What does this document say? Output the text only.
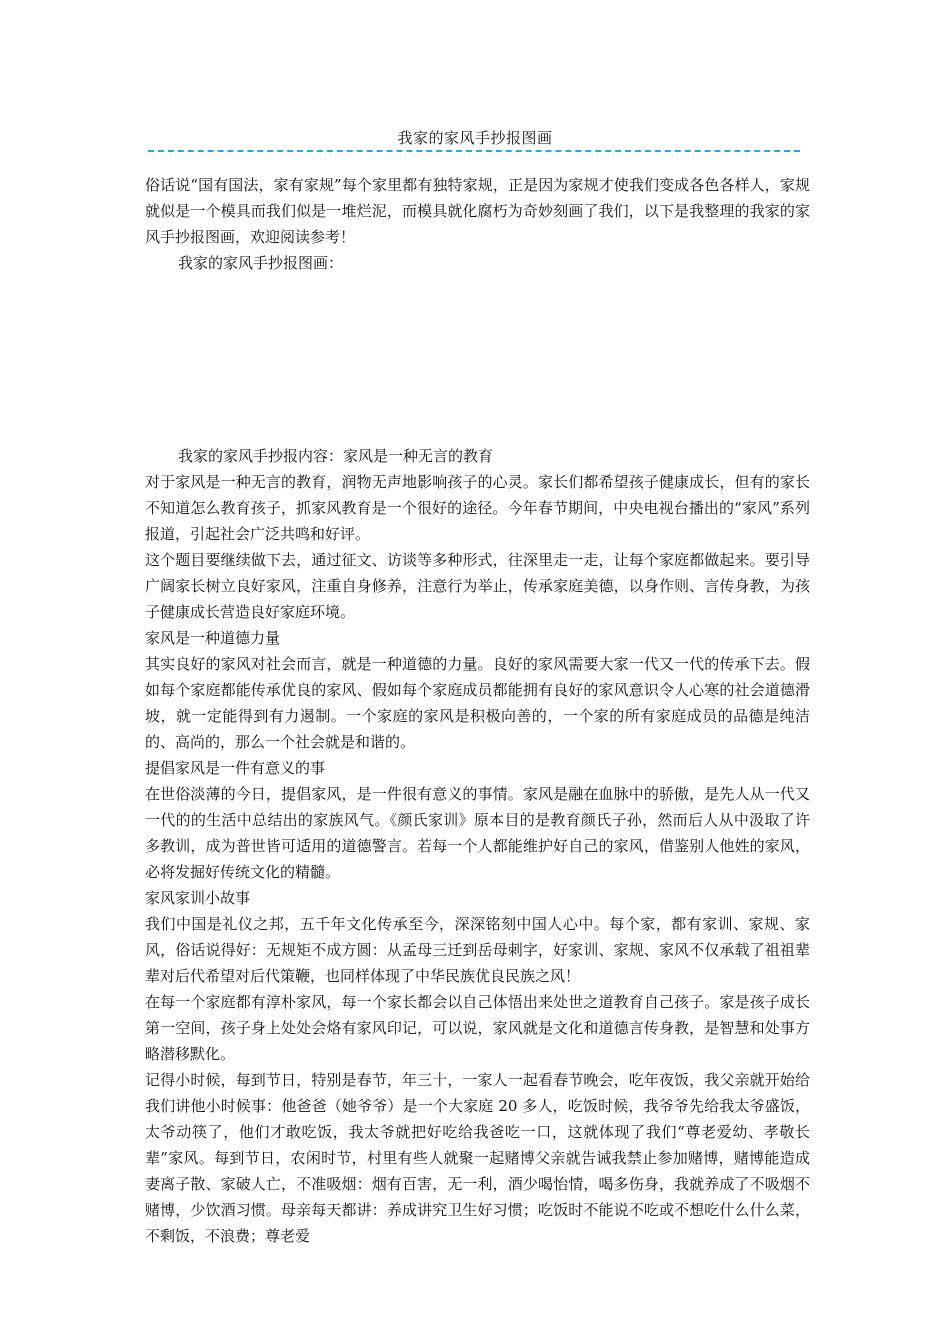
我家的家风手抄报图画

俗话说“国有国法，家有家规”每个家里都有独特家规，正是因为家规才使我们变成各色各样人，家规就似是一个模具而我们似是一堆烂泥，而模具就化腐朽为奇妙刻画了我们，以下是我整理的我家的家风手抄报图画，欢迎阅读参考！

我家的家风手抄报图画：

我家的家风手抄报内容：家风是一种无言的教育

对于家风是一种无言的教育，润物无声地影响孩子的心灵。家长们都希望孩子健康成长，但有的家长不知道怎么教育孩子，抓家风教育是一个很好的途径。今年春节期间，中央电视台播出的“家风”系列报道，引起社会广泛共鸣和好评。

这个题目要继续做下去，通过征文、访谈等多种形式，往深里走一走，让每个家庭都做起来。要引导广阔家长树立良好家风，注重自身修养，注意行为举止，传承家庭美德，以身作则、言传身教，为孩子健康成长营造良好家庭环境。

家风是一种道德力量

其实良好的家风对社会而言，就是一种道德的力量。良好的家风需要大家一代又一代的传承下去。假如每个家庭都能传承优良的家风、假如每个家庭成员都能拥有良好的家风意识令人心寒的社会道德滑坡，就一定能得到有力遏制。一个家庭的家风是积极向善的，一个家的所有家庭成员的品德是纯洁的、高尚的，那么一个社会就是和谐的。

提倡家风是一件有意义的事

在世俗淡薄的今日，提倡家风，是一件很有意义的事情。家风是融在血脉中的骄傲，是先人从一代又一代的的生活中总结出的家族风气。《颜氏家训》原本目的是教育颜氏子孙，然而后人从中汲取了许多教训，成为普世皆可适用的道德警言。若每一个人都能维护好自己的家风，借鉴别人他姓的家风，必将发掘好传统文化的精髓。

家风家训小故事

我们中国是礼仪之邦，五千年文化传承至今，深深铭刻中国人心中。每个家，都有家训、家规、家风，俗话说得好：无规矩不成方圆：从孟母三迁到岳母刺字，好家训、家规、家风不仅承载了祖祖辈辈对后代希望对后代策鞭，也同样体现了中华民族优良民族之风！

在每一个家庭都有淳朴家风，每一个家长都会以自己体悟出来处世之道教育自己孩子。家是孩子成长第一空间，孩子身上处处会烙有家风印记，可以说，家风就是文化和道德言传身教，是智慧和处事方略潜移默化。

记得小时候，每到节日，特别是春节，年三十，一家人一起看春节晚会，吃年夜饭，我父亲就开始给我们讲他小时候事：他爸爸（她爷爷）是一个大家庭 20 多人，吃饭时候，我爷爷先给我太爷盛饭，太爷动筷了，他们才敢吃饭，我太爷就把好吃给我爸吃一口，这就体现了我们“尊老爱幼、孝敬长辈”家风。每到节日，农闲时节，村里有些人就聚一起赌博父亲就告诫我禁止参加赌博，赌博能造成妻离子散、家破人亡，不准吸烟：烟有百害，无一利，酒少喝怡情，喝多伤身，我就养成了不吸烟不赌博，少饮酒习惯。母亲每天都讲：养成讲究卫生好习惯；吃饭时不能说不吃或不想吃什么什么菜，不剩饭，不浪费；尊老爱
